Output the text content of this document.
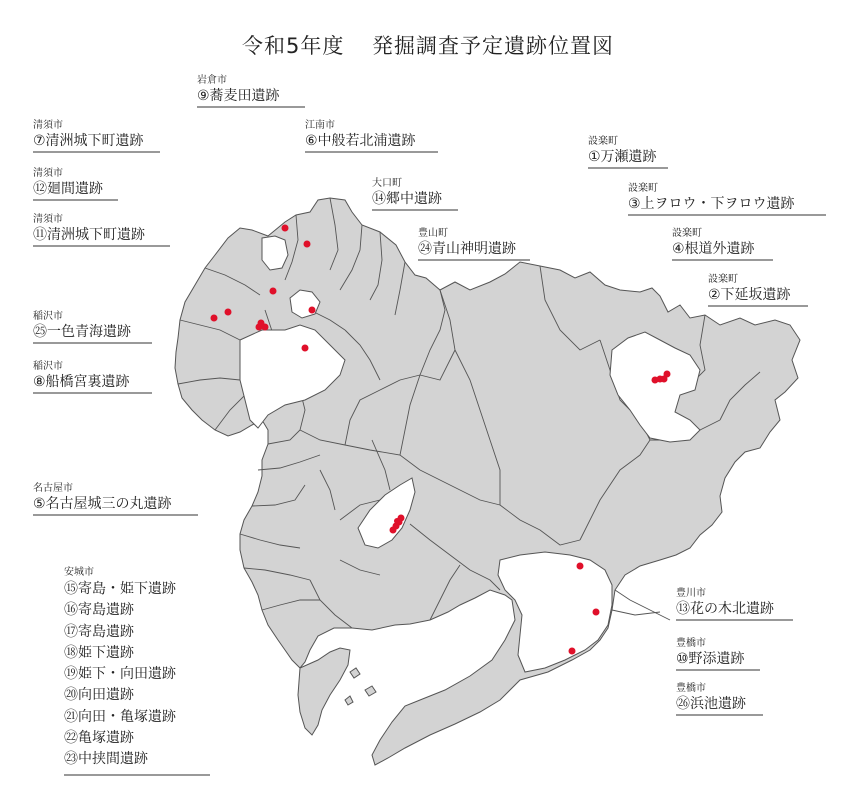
令和5年度 発掘調査予定遺跡位置図
岩倉市
⑨蕎麦田遺跡
江南市
⑥中般若北浦遺跡
清須市
⑦清洲城下町遺跡
清須市
⑫廻間遺跡
清須市
⑪清洲城下町遺跡
稲沢市
㉕一色青海遺跡
稲沢市
⑧船橋宮裏遺跡
名古屋市
⑤名古屋城三の丸遺跡
大口町
⑭郷中遺跡
豊山町
㉔青山神明遺跡
設楽町
①万瀬遺跡
設楽町
③上ヲロウ・下ヲロウ遺跡
設楽町
④根道外遺跡
設楽町
②下延坂遺跡
豊川市
⑬花の木北遺跡
豊橋市
⑩野添遺跡
豊橋市
㉖浜池遺跡
安城市
⑮寄島・姫下遺跡
⑯寄島遺跡
⑰寄島遺跡
⑱姫下遺跡
⑲姫下・向田遺跡
⑳向田遺跡
㉑向田・亀塚遺跡
㉒亀塚遺跡
㉓中挟間遺跡
